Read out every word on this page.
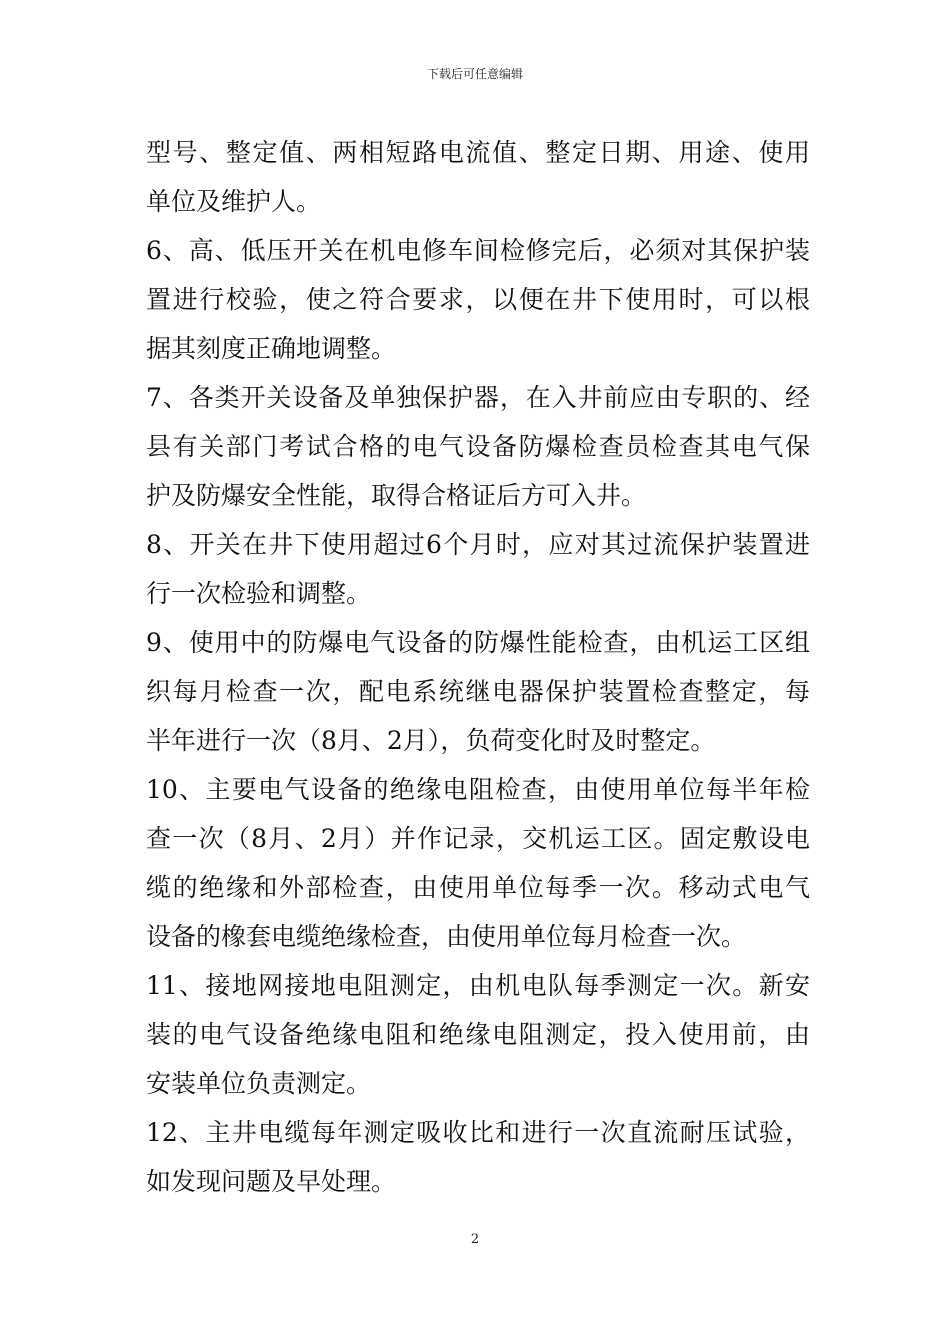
下载后可任意编辑
型号、整定值、两相短路电流值、整定日期、用途、使用
单位及维护人。
6、高、低压开关在机电修车间检修完后，必须对其保护装
置进行校验，使之符合要求，以便在井下使用时，可以根
据其刻度正确地调整。
7、各类开关设备及单独保护器，在入井前应由专职的、经
县有关部门考试合格的电气设备防爆检查员检查其电气保
护及防爆安全性能，取得合格证后方可入井。
8、开关在井下使用超过6个月时，应对其过流保护装置进
行一次检验和调整。
9、使用中的防爆电气设备的防爆性能检查，由机运工区组
织每月检查一次，配电系统继电器保护装置检查整定，每
半年进行一次（8月、2月），负荷变化时及时整定。
10、主要电气设备的绝缘电阻检查，由使用单位每半年检
查一次（8月、2月）并作记录，交机运工区。固定敷设电
缆的绝缘和外部检查，由使用单位每季一次。移动式电气
设备的橡套电缆绝缘检查，由使用单位每月检查一次。
11、接地网接地电阻测定，由机电队每季测定一次。新安
装的电气设备绝缘电阻和绝缘电阻测定，投入使用前，由
安装单位负责测定。
12、主井电缆每年测定吸收比和进行一次直流耐压试验，
如发现问题及早处理。
2
